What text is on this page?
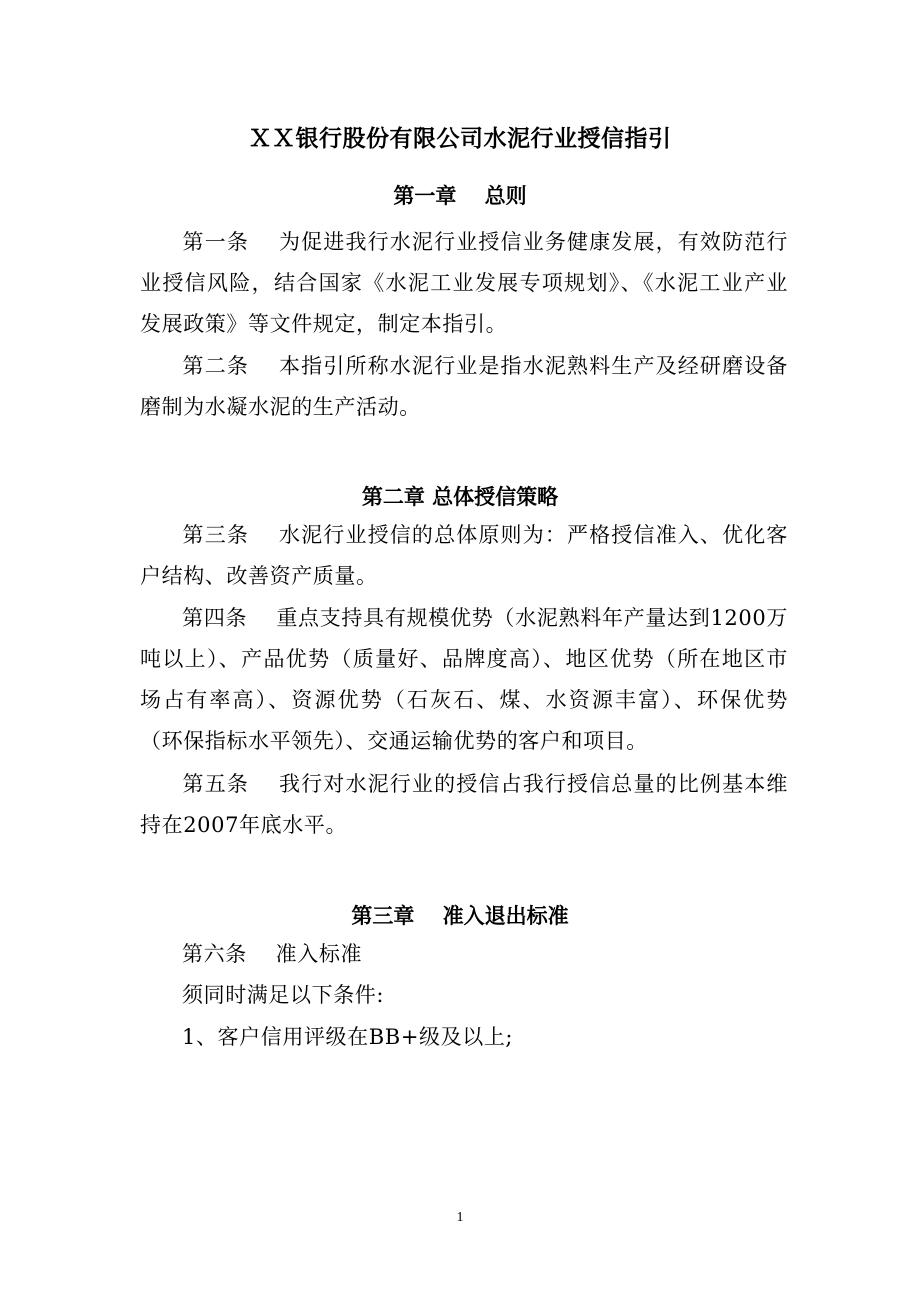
ＸＸ银行股份有限公司水泥行业授信指引
第一章　 总则
第一条　 为促进我行水泥行业授信业务健康发展，有效防范行业授信风险，结合国家《水泥工业发展专项规划》、《水泥工业产业发展政策》等文件规定，制定本指引。
第二条　 本指引所称水泥行业是指水泥熟料生产及经研磨设备磨制为水凝水泥的生产活动。
第二章 总体授信策略
第三条　 水泥行业授信的总体原则为：严格授信准入、优化客户结构、改善资产质量。
第四条　 重点支持具有规模优势（水泥熟料年产量达到1200万吨以上）、产品优势（质量好、品牌度高）、地区优势（所在地区市场占有率高）、资源优势（石灰石、煤、水资源丰富）、环保优势（环保指标水平领先）、交通运输优势的客户和项目。
第五条　 我行对水泥行业的授信占我行授信总量的比例基本维持在2007年底水平。
第三章　 准入退出标准
第六条　 准入标准
须同时满足以下条件:
1、客户信用评级在BB+级及以上;
1
